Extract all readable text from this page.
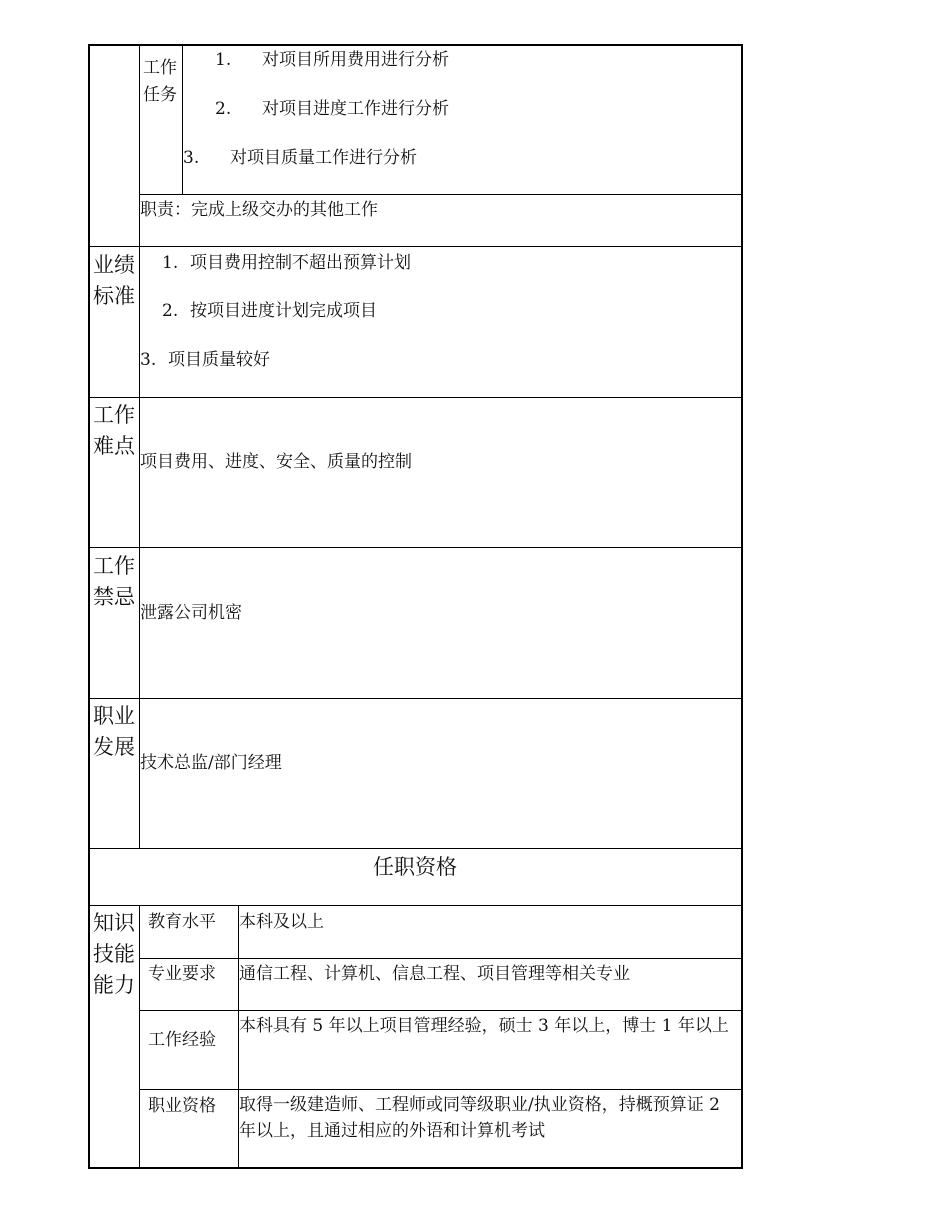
工作任务
1. 对项目所用费用进行分析
2. 对项目进度工作进行分析
3. 对项目质量工作进行分析
职责：完成上级交办的其他工作
业绩标准
1. 项目费用控制不超出预算计划
2. 按项目进度计划完成项目
3. 项目质量较好
工作难点
项目费用、进度、安全、质量的控制
工作禁忌
泄露公司机密
职业发展
技术总监/部门经理
任职资格
知识技能能力
教育水平 本科及以上
专业要求 通信工程、计算机、信息工程、项目管理等相关专业
工作经验
本科具有 5 年以上项目管理经验，硕士 3 年以上，博士 1 年以上
职业资格 取得一级建造师、工程师或同等级职业/执业资格，持概预算证 2 年以上，且通过相应的外语和计算机考试
